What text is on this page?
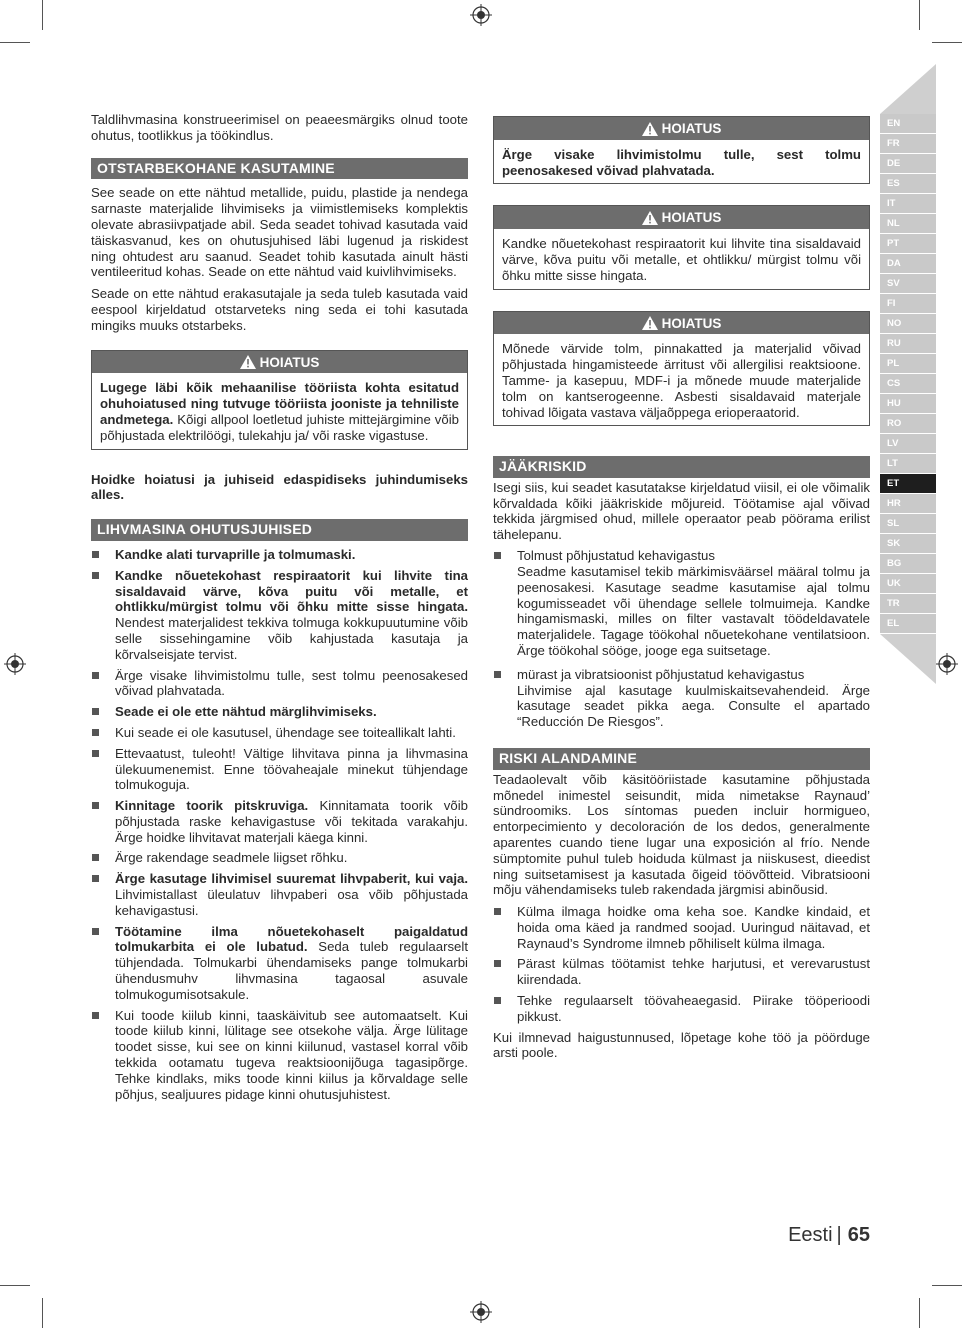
Taldlihvmasina konstrueerimisel on peaeesmärgiks olnud toote ohutus, tootlikkus ja töökindlus.

OTSTARBEKOHANE KASUTAMINE

See seade on ette nähtud metallide, puidu, plastide ja nendega sarnaste materjalide lihvimiseks ja viimistlemiseks komplektis olevate abrasiivpatjade abil. Seda seadet tohivad kasutada vaid täiskasvanud, kes on ohutusjuhised läbi lugenud ja riskidest ning ohtudest aru saanud. Seadet tohib kasutada ainult hästi ventileeritud kohas. Seade on ette nähtud vaid kuivlihvimiseks.

Seade on ette nähtud erakasutajale ja seda tuleb kasutada vaid eespool kirjeldatud otstarveteks ning seda ei tohi kasutada mingiks muuks otstarbeks.

HOIATUS
Lugege läbi kõik mehaanilise tööriista kohta esitatud ohuhoiatused ning tutvuge tööriista jooniste ja tehniliste andmetega. Kõigi allpool loetletud juhiste mittejärgimine võib põhjustada elektrilöögi, tulekahju ja/ või raske vigastuse.

Hoidke hoiatusi ja juhiseid edaspidiseks juhindumiseks alles.

LIHVMASINA OHUTUSJUHISED
Kandke alati turvaprille ja tolmumaski.
Kandke nõuetekohast respiraatorit kui lihvite tina sisaldavaid värve, kõva puitu või metalle, et ohtlikku/mürgist tolmu või õhku mitte sisse hingata. Nendest materjalidest tekkiva tolmuga kokkupuutumine võib selle sissehingamine võib kahjustada kasutaja ja kõrvalseisjate tervist.
Ärge visake lihvimistolmu tulle, sest tolmu peenosakesed võivad plahvatada.
Seade ei ole ette nähtud märglihvimiseks.
Kui seade ei ole kasutusel, ühendage see toiteallikalt lahti.
Ettevaatust, tuleoht! Vältige lihvitava pinna ja lihvmasina ülekuumenemist. Enne töövaheajale minekut tühjendage tolmukoguja.
Kinnitage toorik pitskruviga. Kinnitamata toorik võib põhjustada raske kehavigastuse või tekitada varakahju. Ärge hoidke lihvitavat materjali käega kinni.
Ärge rakendage seadmele liigset rõhku.
Ärge kasutage lihvimisel suuremat lihvpaberit, kui vaja. Lihvimistallast üleulatuv lihvpaberi osa võib põhjustada kehavigastusi.
Töötamine ilma nõuetekohaselt paigaldatud tolmukarbita ei ole lubatud. Seda tuleb regulaarselt tühjendada. Tolmukarbi ühendamiseks pange tolmukarbi ühendusmuhv lihvmasina tagaosal asuvale tolmukogumisotsakule.
Kui toode kiilub kinni, taaskäivitub see automaatselt. Kui toode kiilub kinni, lülitage see otsekohe välja. Ärge lülitage toodet sisse, kui see on kinni kiilunud, vastasel korral võib tekkida ootamatu tugeva reaktsioonijõuga tagasipõrge. Tehke kindlaks, miks toode kinni kiilus ja kõrvaldage selle põhjus, sealjuures pidage kinni ohutusjuhistest.
HOIATUS
Ärge visake lihvimistolmu tulle, sest tolmu peenosakesed võivad plahvatada.
HOIATUS
Kandke nõuetekohast respiraatorit kui lihvite tina sisaldavaid värve, kõva puitu või metalle, et ohtlikku/ mürgist tolmu või õhku mitte sisse hingata.
HOIATUS
Mõnede värvide tolm, pinnakatted ja materjalid võivad põhjustada hingamisteede ärritust või allergilisi reaktsioone. Tamme- ja kasepuu, MDF-i ja mõnede muude materjalide tolm on kantserogeenne. Asbesti sisaldavaid materjale tohivad lõigata vastava väljaõppega erioperaatorid.
JÄÄKRISKID

Isegi siis, kui seadet kasutatakse kirjeldatud viisil, ei ole võimalik kõrvaldada kõiki jääkriskide mõjureid. Töötamise ajal võivad tekkida järgmised ohud, millele operaator peab pöörama erilist tähelepanu.

Tolmust põhjustatud kehavigastus
Seadme kasutamisel tekib märkimisväärsel määral tolmu ja peenosakesi. Kasutage seadme kasutamise ajal tolmu kogumisseadet või ühendage sellele tolmuimeja. Kandke hingamismaski, milles on filter vastavalt töödeldavatele materjalidele. Tagage töökohal nõuetekohane ventilatsioon. Ärge töökohal sööge, jooge ega suitsetage.
mürast ja vibratsioonist põhjustatud kehavigastus
Lihvimise ajal kasutage kuulmiskaitsevahendeid. Ärge kasutage seadet pikka aega. Consulte el apartado “Reducción De Riesgos”.
RISKI ALANDAMINE

Teadaolevalt võib käsitööriistade kasutamine põhjustada mõnedel inimestel seisundit, mida nimetakse Raynaud’ sündroomiks. Los síntomas pueden incluir hormigueo, entorpecimiento y decoloración de los dedos, generalmente aparentes cuando tiene lugar una exposición al frío. Nende sümptomite puhul tuleb hoiduda külmast ja niiskusest, dieedist ning suitsetamisest ja kasutada õigeid töövõtteid. Vibratsiooni mõju vähendamiseks tuleb rakendada järgmisi abinõusid.

Külma ilmaga hoidke oma keha soe. Kandke kindaid, et hoida oma käed ja randmed soojad. Uuringud näitavad, et Raynaud’s Syndrome ilmneb põhiliselt külma ilmaga.
Pärast külmas töötamist tehke harjutusi, et verevarustust kiirendada.
Tehke regulaarselt töövaheaegasid. Piirake tööperioodi pikkust.

Kui ilmnevad haigustunnused, lõpetage kohe töö ja pöörduge arsti poole.

EN
FR
DE
ES
IT
NL
PT
DA
SV
FI
NO
RU
PL
CS
HU
RO
LV
LT
ET
HR
SL
SK
BG
UK
TR
EL
Eesti | 65
